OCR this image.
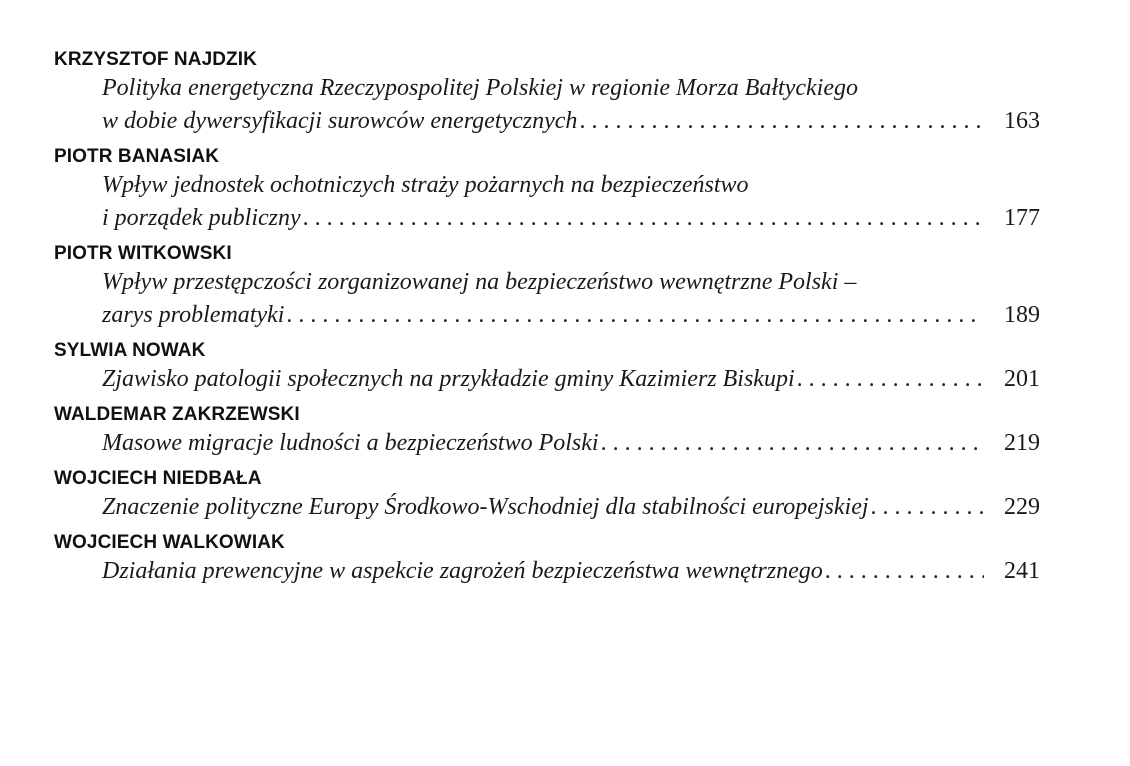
KRZYSZTOF NAJDZIK
Polityka energetyczna Rzeczypospolitej Polskiej w regionie Morza Bałtyckiego
w dobie dywersyfikacji surowców energetycznych . . .	163
PIOTR BANASIAK
Wpływ jednostek ochotniczych straży pożarnych na bezpieczeństwo
i porządek publiczny . . .	177
PIOTR WITKOWSKI
Wpływ przestępczości zorganizowanej na bezpieczeństwo wewnętrzne Polski –
zarys problematyki . . .	189
SYLWIA NOWAK
Zjawisko patologii społecznych na przykładzie gminy Kazimierz Biskupi . . .	201
WALDEMAR ZAKRZEWSKI
Masowe migracje ludności a bezpieczeństwo Polski . . .	219
WOJCIECH NIEDBAŁA
Znaczenie polityczne Europy Środkowo-Wschodniej dla stabilności europejskiej . . .	229
WOJCIECH WALKOWIAK
Działania prewencyjne w aspekcie zagrożeń bezpieczeństwa wewnętrznego . . .	241
